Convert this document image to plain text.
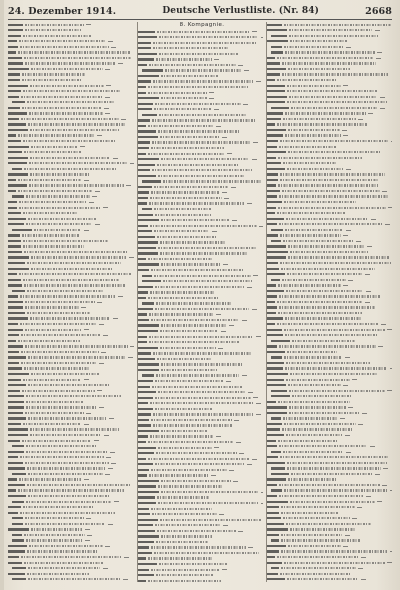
24. Dezember 1914.	Deutsche Verlustliste. (Nr. 84)	2668
8. Kompagnie.
